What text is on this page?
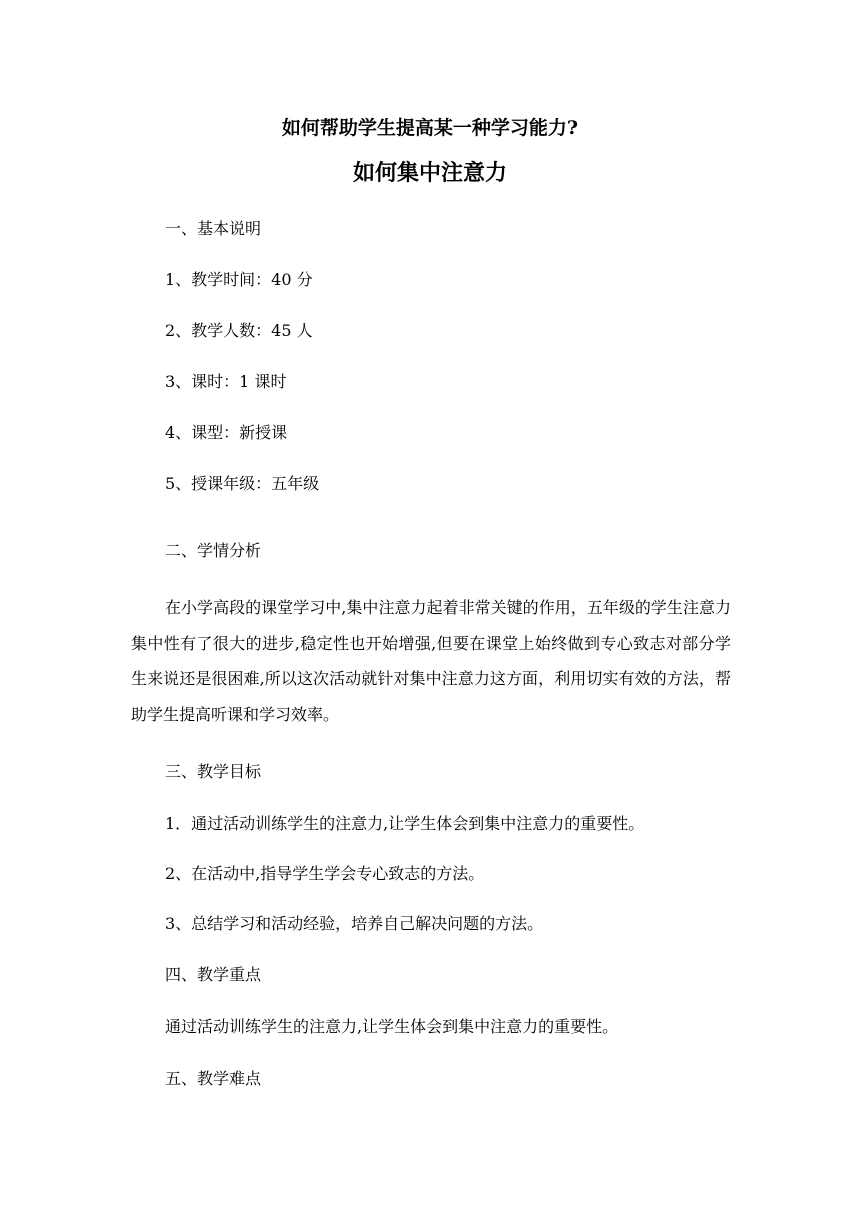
如何帮助学生提高某一种学习能力?
如何集中注意力
一、基本说明
1、教学时间：40 分
2、教学人数：45 人
3、课时：1 课时
4、课型：新授课
5、授课年级：五年级
二、学情分析
在小学高段的课堂学习中,集中注意力起着非常关键的作用，五年级的学生注意力集中性有了很大的进步,稳定性也开始增强,但要在课堂上始终做到专心致志对部分学生来说还是很困难,所以这次活动就针对集中注意力这方面，利用切实有效的方法，帮助学生提高听课和学习效率。
三、教学目标
1．通过活动训练学生的注意力,让学生体会到集中注意力的重要性。
2、在活动中,指导学生学会专心致志的方法。
3、总结学习和活动经验，培养自己解决问题的方法。
四、教学重点
通过活动训练学生的注意力,让学生体会到集中注意力的重要性。
五、教学难点
